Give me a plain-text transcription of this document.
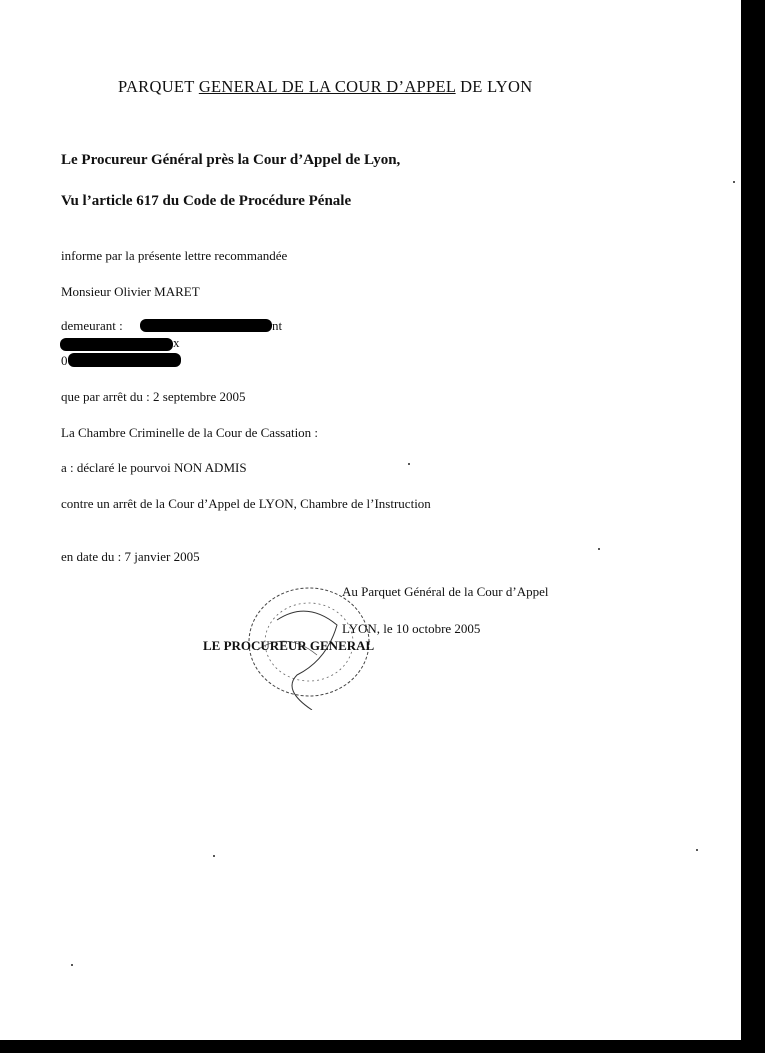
PARQUET GENERAL DE LA COUR D’APPEL DE LYON
Le Procureur Général près la Cour d’Appel de Lyon,
Vu l’article 617 du Code de Procédure Pénale
informe par la présente lettre recommandée
Monsieur Olivier MARET
demeurant :	nt
x
0
que par arrêt du : 2 septembre 2005
La Chambre Criminelle de la Cour de Cassation :
a : déclaré le pourvoi NON ADMIS
contre un arrêt de la Cour d’Appel de LYON, Chambre de l’Instruction
en date du : 7 janvier 2005
Au Parquet Général de la Cour d’Appel
LYON, le 10 octobre 2005
LE PROCUREUR GENERAL
